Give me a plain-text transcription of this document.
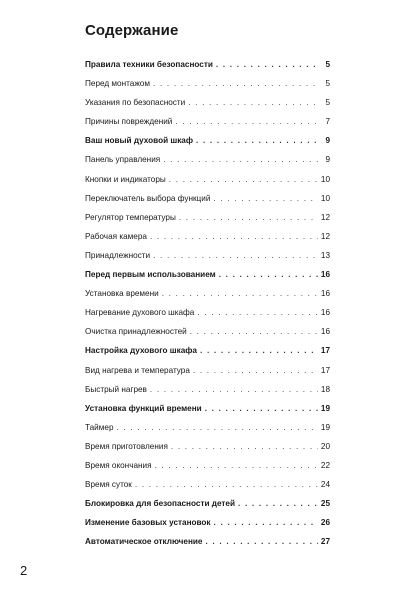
Содержание
Правила техники безопасности . . .	5
Перед монтажом . . .	5
Указания по безопасности . . .	5
Причины повреждений . . .	7
Ваш новый духовой шкаф . . .	9
Панель управления . . .	9
Кнопки и индикаторы . . .	10
Переключатель выбора функций . . .	10
Регулятор температуры . . .	12
Рабочая камера . . .	12
Принадлежности . . .	13
Перед первым использованием . . .	16
Установка времени . . .	16
Нагревание духового шкафа . . .	16
Очистка принадлежностей . . .	16
Настройка духового шкафа . . .	17
Вид нагрева и температура . . .	17
Быстрый нагрев . . .	18
Установка функций времени . . .	19
Таймер . . .	19
Время приготовления . . .	20
Время окончания . . .	22
Время суток . . .	24
Блокировка для безопасности детей . . .	25
Изменение базовых установок . . .	26
Автоматическое отключение . . .	27

2
